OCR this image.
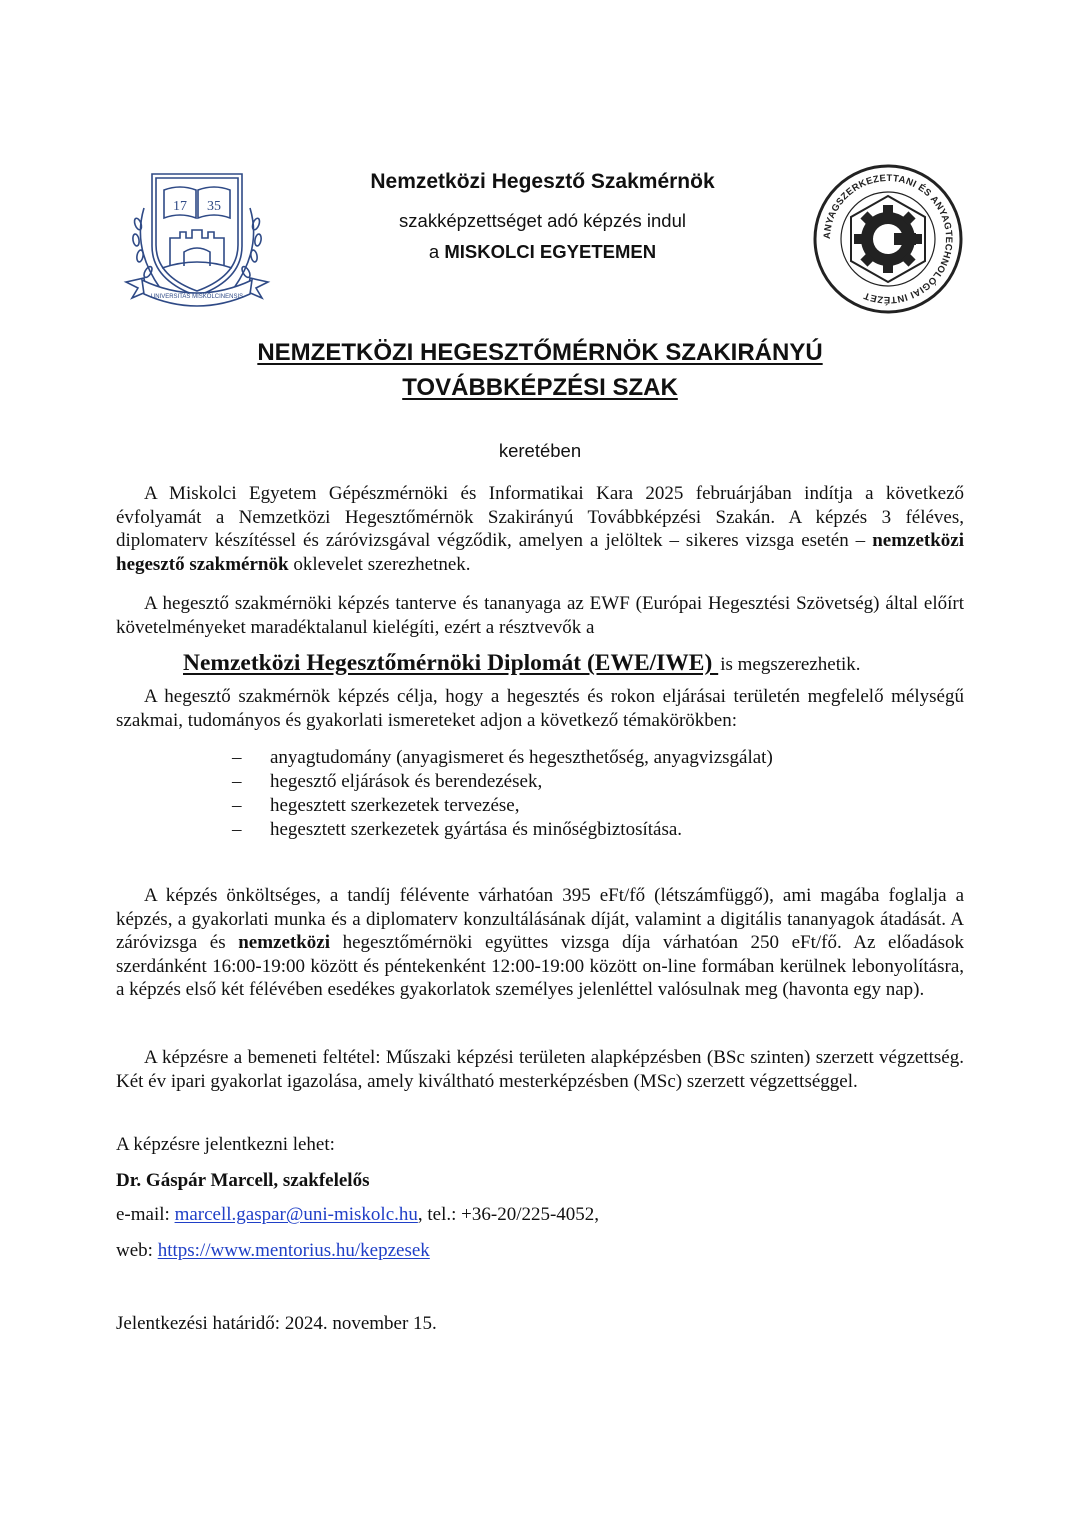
17 35
UNIVERSITAS MISKOLCINENSIS
Nemzetközi Hegesztő Szakmérnök
szakképzettséget adó képzés indul
a MISKOLCI EGYETEMEN
ANYAGSZERKEZETTANI ÉS ANYAGTECHNOLÓGIAI INTÉZET
NEMZETKÖZI HEGESZTŐMÉRNÖK SZAKIRÁNYÚ
TOVÁBBKÉPZÉSI SZAK
keretében

A Miskolci Egyetem Gépészmérnöki és Informatikai Kara 2025 februárjában indítja a következő évfolyamát a Nemzetközi Hegesztőmérnök Szakirányú Továbbképzési Szakán. A képzés 3 féléves, diplomaterv készítéssel és záróvizsgával végződik, amelyen a jelöltek – sikeres vizsga esetén – nemzetközi hegesztő szakmérnök oklevelet szerezhetnek.

A hegesztő szakmérnöki képzés tanterve és tananyaga az EWF (Európai Hegesztési Szövetség) által előírt követelményeket maradéktalanul kielégíti, ezért a résztvevők a

Nemzetközi Hegesztőmérnöki Diplomát (EWE/IWE) is megszerezhetik.

A hegesztő szakmérnök képzés célja, hogy a hegesztés és rokon eljárásai területén megfelelő mélységű szakmai, tudományos és gyakorlati ismereteket adjon a következő témakörökben:

– anyagtudomány (anyagismeret és hegeszthetőség, anyagvizsgálat)
– hegesztő eljárások és berendezések,
– hegesztett szerkezetek tervezése,
– hegesztett szerkezetek gyártása és minőségbiztosítása.

A képzés önköltséges, a tandíj félévente várhatóan 395 eFt/fő (létszámfüggő), ami magába foglalja a képzés, a gyakorlati munka és a diplomaterv konzultálásának díját, valamint a digitális tananyagok átadását. A záróvizsga és nemzetközi hegesztőmérnöki együttes vizsga díja várhatóan 250 eFt/fő. Az előadások szerdánként 16:00-19:00 között és péntekenként 12:00-19:00 között on-line formában kerülnek lebonyolításra, a képzés első két félévében esedékes gyakorlatok személyes jelenléttel valósulnak meg (havonta egy nap).

A képzésre a bemeneti feltétel: Műszaki képzési területen alapképzésben (BSc szinten) szerzett végzettség. Két év ipari gyakorlat igazolása, amely kiváltható mesterképzésben (MSc) szerzett végzettséggel.

A képzésre jelentkezni lehet:
Dr. Gáspár Marcell, szakfelelős
e-mail: marcell.gaspar@uni-miskolc.hu, tel.: +36-20/225-4052,
web: https://www.mentorius.hu/kepzesek
Jelentkezési határidő: 2024. november 15.
